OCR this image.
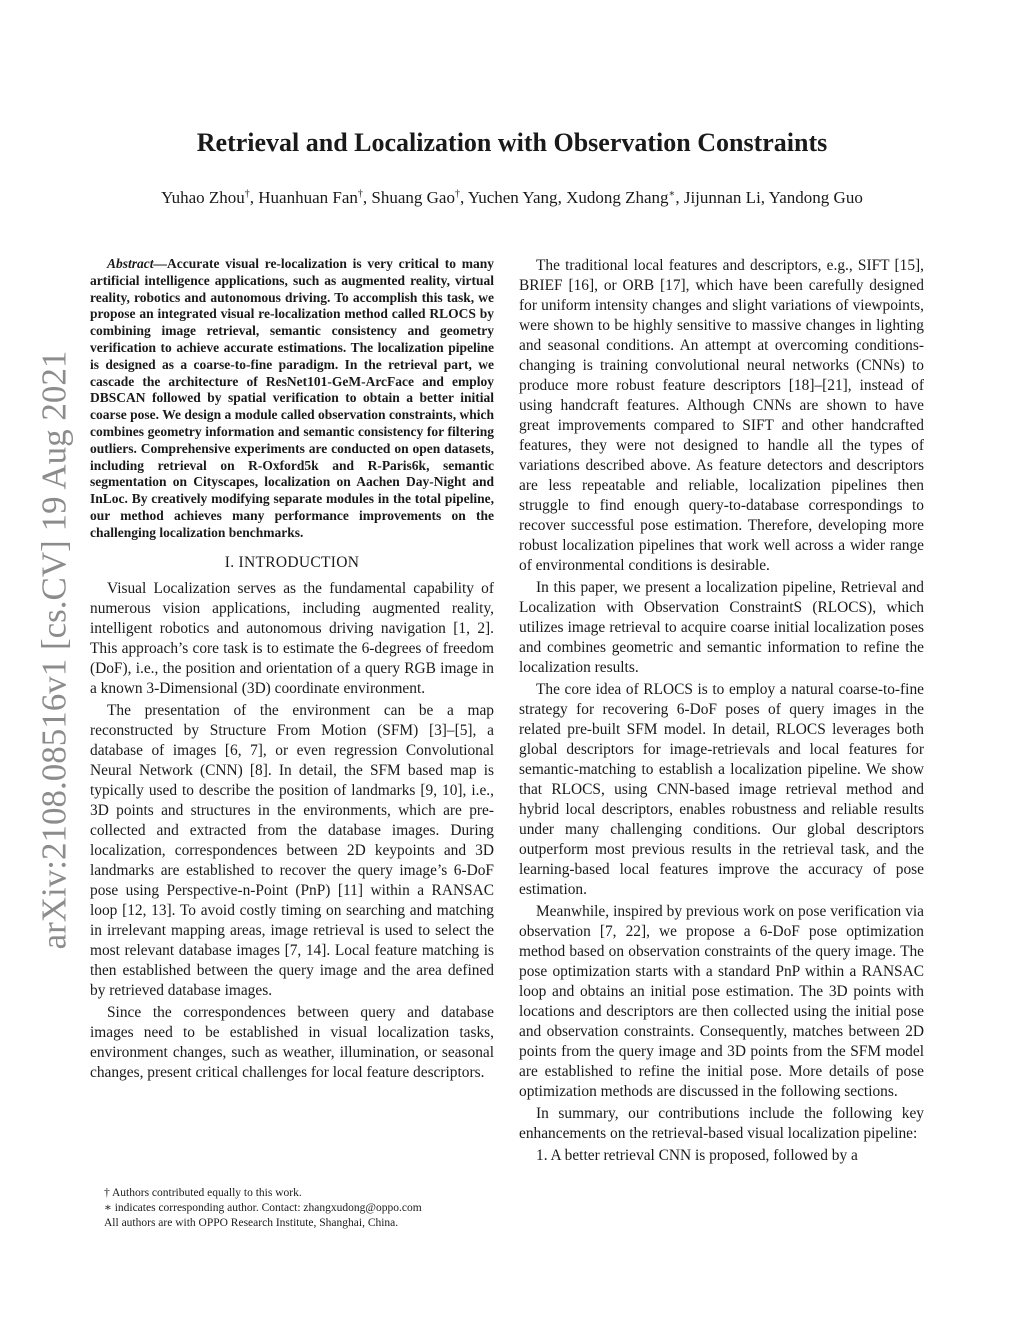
arXiv:2108.08516v1 [cs.CV] 19 Aug 2021
Retrieval and Localization with Observation Constraints
Yuhao Zhou†, Huanhuan Fan†, Shuang Gao†, Yuchen Yang, Xudong Zhang∗, Jijunnan Li, Yandong Guo

Abstract—Accurate visual re-localization is very critical to many artificial intelligence applications, such as augmented reality, virtual reality, robotics and autonomous driving. To accomplish this task, we propose an integrated visual re-localization method called RLOCS by combining image retrieval, semantic consistency and geometry verification to achieve accurate estimations. The localization pipeline is designed as a coarse-to-fine paradigm. In the retrieval part, we cascade the architecture of ResNet101-GeM-ArcFace and employ DBSCAN followed by spatial verification to obtain a better initial coarse pose. We design a module called observation constraints, which combines geometry information and semantic consistency for filtering outliers. Comprehensive experiments are conducted on open datasets, including retrieval on R-Oxford5k and R-Paris6k, semantic segmentation on Cityscapes, localization on Aachen Day-Night and InLoc. By creatively modifying separate modules in the total pipeline, our method achieves many performance improvements on the challenging localization benchmarks.

I. INTRODUCTION

Visual Localization serves as the fundamental capability of numerous vision applications, including augmented reality, intelligent robotics and autonomous driving navigation [1, 2]. This approach’s core task is to estimate the 6-degrees of freedom (DoF), i.e., the position and orientation of a query RGB image in a known 3-Dimensional (3D) coordinate environment.

The presentation of the environment can be a map reconstructed by Structure From Motion (SFM) [3]–[5], a database of images [6, 7], or even regression Convolutional Neural Network (CNN) [8]. In detail, the SFM based map is typically used to describe the position of landmarks [9, 10], i.e., 3D points and structures in the environments, which are pre-collected and extracted from the database images. During localization, correspondences between 2D keypoints and 3D landmarks are established to recover the query image’s 6-DoF pose using Perspective-n-Point (PnP) [11] within a RANSAC loop [12, 13]. To avoid costly timing on searching and matching in irrelevant mapping areas, image retrieval is used to select the most relevant database images [7, 14]. Local feature matching is then established between the query image and the area defined by retrieved database images.

Since the correspondences between query and database images need to be established in visual localization tasks, environment changes, such as weather, illumination, or seasonal changes, present critical challenges for local feature descriptors.

† Authors contributed equally to this work.
∗ indicates corresponding author. Contact: zhangxudong@oppo.com
All authors are with OPPO Research Institute, Shanghai, China.

The traditional local features and descriptors, e.g., SIFT [15], BRIEF [16], or ORB [17], which have been carefully designed for uniform intensity changes and slight variations of viewpoints, were shown to be highly sensitive to massive changes in lighting and seasonal conditions. An attempt at overcoming conditions-changing is training convolutional neural networks (CNNs) to produce more robust feature descriptors [18]–[21], instead of using handcraft features. Although CNNs are shown to have great improvements compared to SIFT and other handcrafted features, they were not designed to handle all the types of variations described above. As feature detectors and descriptors are less repeatable and reliable, localization pipelines then struggle to find enough query-to-database correspondings to recover successful pose estimation. Therefore, developing more robust localization pipelines that work well across a wider range of environmental conditions is desirable.

In this paper, we present a localization pipeline, Retrieval and Localization with Observation ConstraintS (RLOCS), which utilizes image retrieval to acquire coarse initial localization poses and combines geometric and semantic information to refine the localization results.

The core idea of RLOCS is to employ a natural coarse-to-fine strategy for recovering 6-DoF poses of query images in the related pre-built SFM model. In detail, RLOCS leverages both global descriptors for image-retrievals and local features for semantic-matching to establish a localization pipeline. We show that RLOCS, using CNN-based image retrieval method and hybrid local descriptors, enables robustness and reliable results under many challenging conditions. Our global descriptors outperform most previous results in the retrieval task, and the learning-based local features improve the accuracy of pose estimation.

Meanwhile, inspired by previous work on pose verification via observation [7, 22], we propose a 6-DoF pose optimization method based on observation constraints of the query image. The pose optimization starts with a standard PnP within a RANSAC loop and obtains an initial pose estimation. The 3D points with locations and descriptors are then collected using the initial pose and observation constraints. Consequently, matches between 2D points from the query image and 3D points from the SFM model are established to refine the initial pose. More details of pose optimization methods are discussed in the following sections.

In summary, our contributions include the following key enhancements on the retrieval-based visual localization pipeline:

1. A better retrieval CNN is proposed, followed by a
